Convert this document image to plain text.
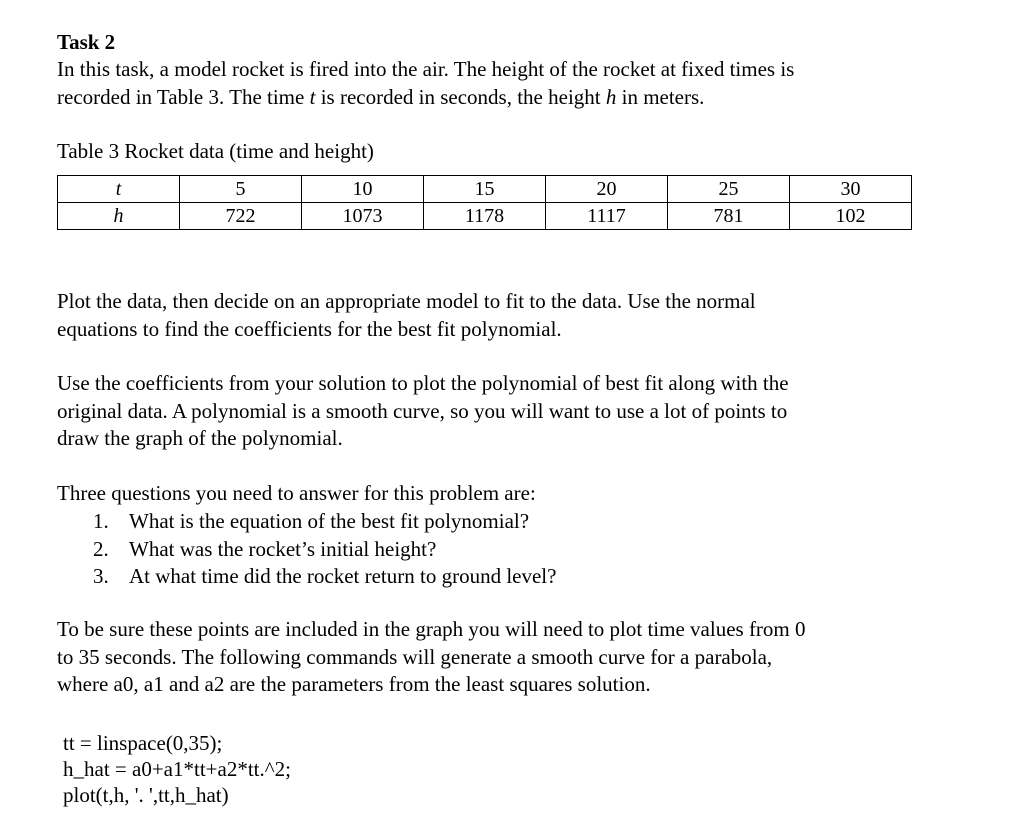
Task 2

In this task, a model rocket is fired into the air. The height of the rocket at fixed times is
recorded in Table 3. The time t is recorded in seconds, the height h in meters.

Table 3 Rocket data (time and height)
t	5	10	15	20	25	30
h	722	1073	1178	1117	781	102

Plot the data, then decide on an appropriate model to fit to the data. Use the normal
equations to find the coefficients for the best fit polynomial.

Use the coefficients from your solution to plot the polynomial of best fit along with the
original data. A polynomial is a smooth curve, so you will want to use a lot of points to
draw the graph of the polynomial.

Three questions you need to answer for this problem are:

1. What is the equation of the best fit polynomial?
2. What was the rocket’s initial height?
3. At what time did the rocket return to ground level?

To be sure these points are included in the graph you will need to plot time values from 0
to 35 seconds. The following commands will generate a smooth curve for a parabola,
where a0, a1 and a2 are the parameters from the least squares solution.

tt = linspace(0,35);
h_hat = a0+a1*tt+a2*tt.^2;
plot(t,h, '. ',tt,h_hat)
